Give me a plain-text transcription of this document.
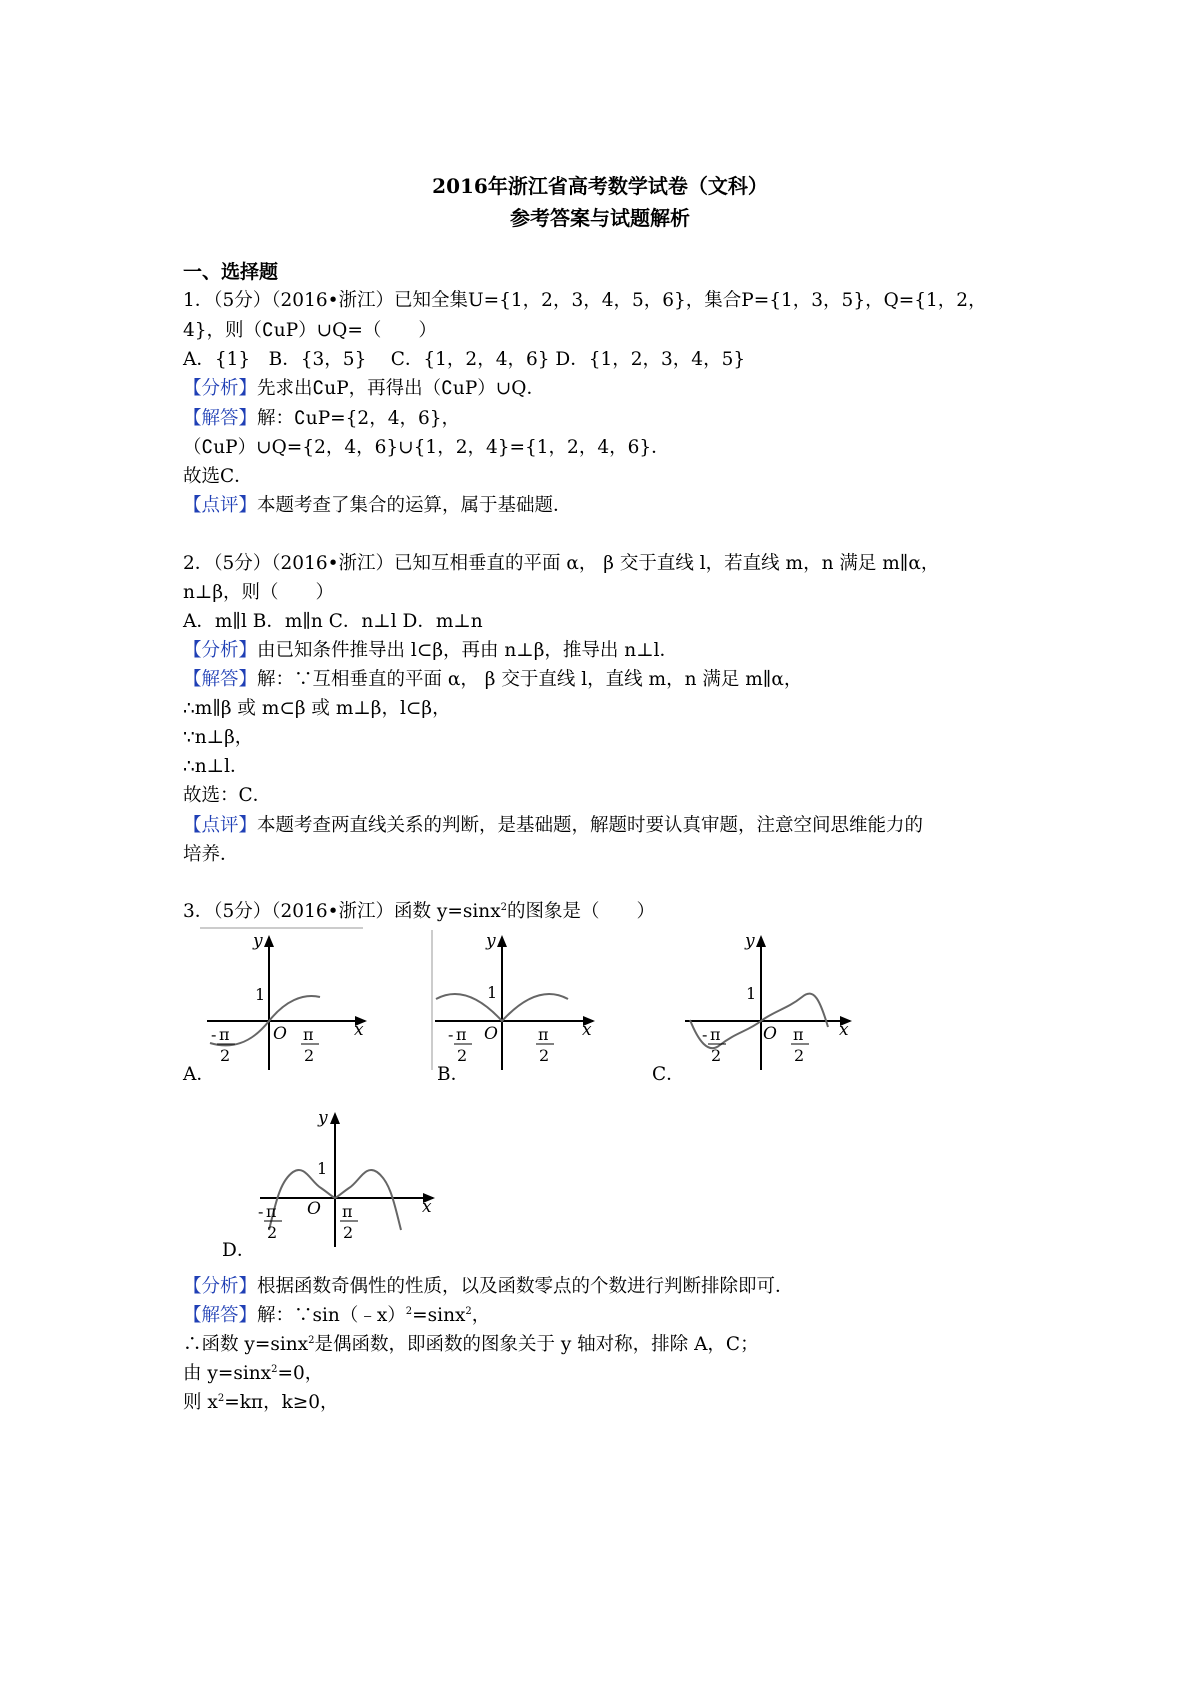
2016年浙江省高考数学试卷（文科）
参考答案与试题解析
一、选择题
1．（5分）（2016•浙江）已知全集U={1，2，3，4，5，6}，集合P={1，3，5}，Q={1，2，
4}，则（∁uP）∪Q=（　　）
A．{1}　B．{3，5}　 C．{1，2，4，6} D．{1，2，3，4，5}
【分析】先求出∁uP，再得出（∁uP）∪Q．
【解答】解：∁uP={2，4，6}，
（∁uP）∪Q={2，4，6}∪{1，2，4}={1，2，4，6}．
故选C．
【点评】本题考查了集合的运算，属于基础题．
2．（5分）（2016•浙江）已知互相垂直的平面 α， β 交于直线 l，若直线 m，n 满足 m∥α，
n⊥β，则（　　）
A．m∥l B．m∥n C．n⊥l D．m⊥n
【分析】由已知条件推导出 l⊂β，再由 n⊥β，推导出 n⊥l．
【解答】解：∵互相垂直的平面 α， β 交于直线 l，直线 m，n 满足 m∥α，
∴m∥β 或 m⊂β 或 m⊥β，l⊂β，
∵n⊥β，
∴n⊥l．
故选：C．
【点评】本题考查两直线关系的判断，是基础题，解题时要认真审题，注意空间思维能力的
培养．
3．（5分）（2016•浙江）函数 y=sinx$^2$的图象是（　　）
y
x
O
1
- π
2
π
2
A．
y
x
O
1
- π
2
π
2
B．
y
x
O
1
- π
2
π
2
C．
y
x
O
1
- π
2
π
2
D．
【分析】根据函数奇偶性的性质，以及函数零点的个数进行判断排除即可．
【解答】解：∵sin（﹣x）$^2$=sinx$^2$，
∴函数 y=sinx$^2$是偶函数，即函数的图象关于 y 轴对称，排除 A，C；
由 y=sinx$^2$=0，
则 $x^2=k\pi$，k≥0，
